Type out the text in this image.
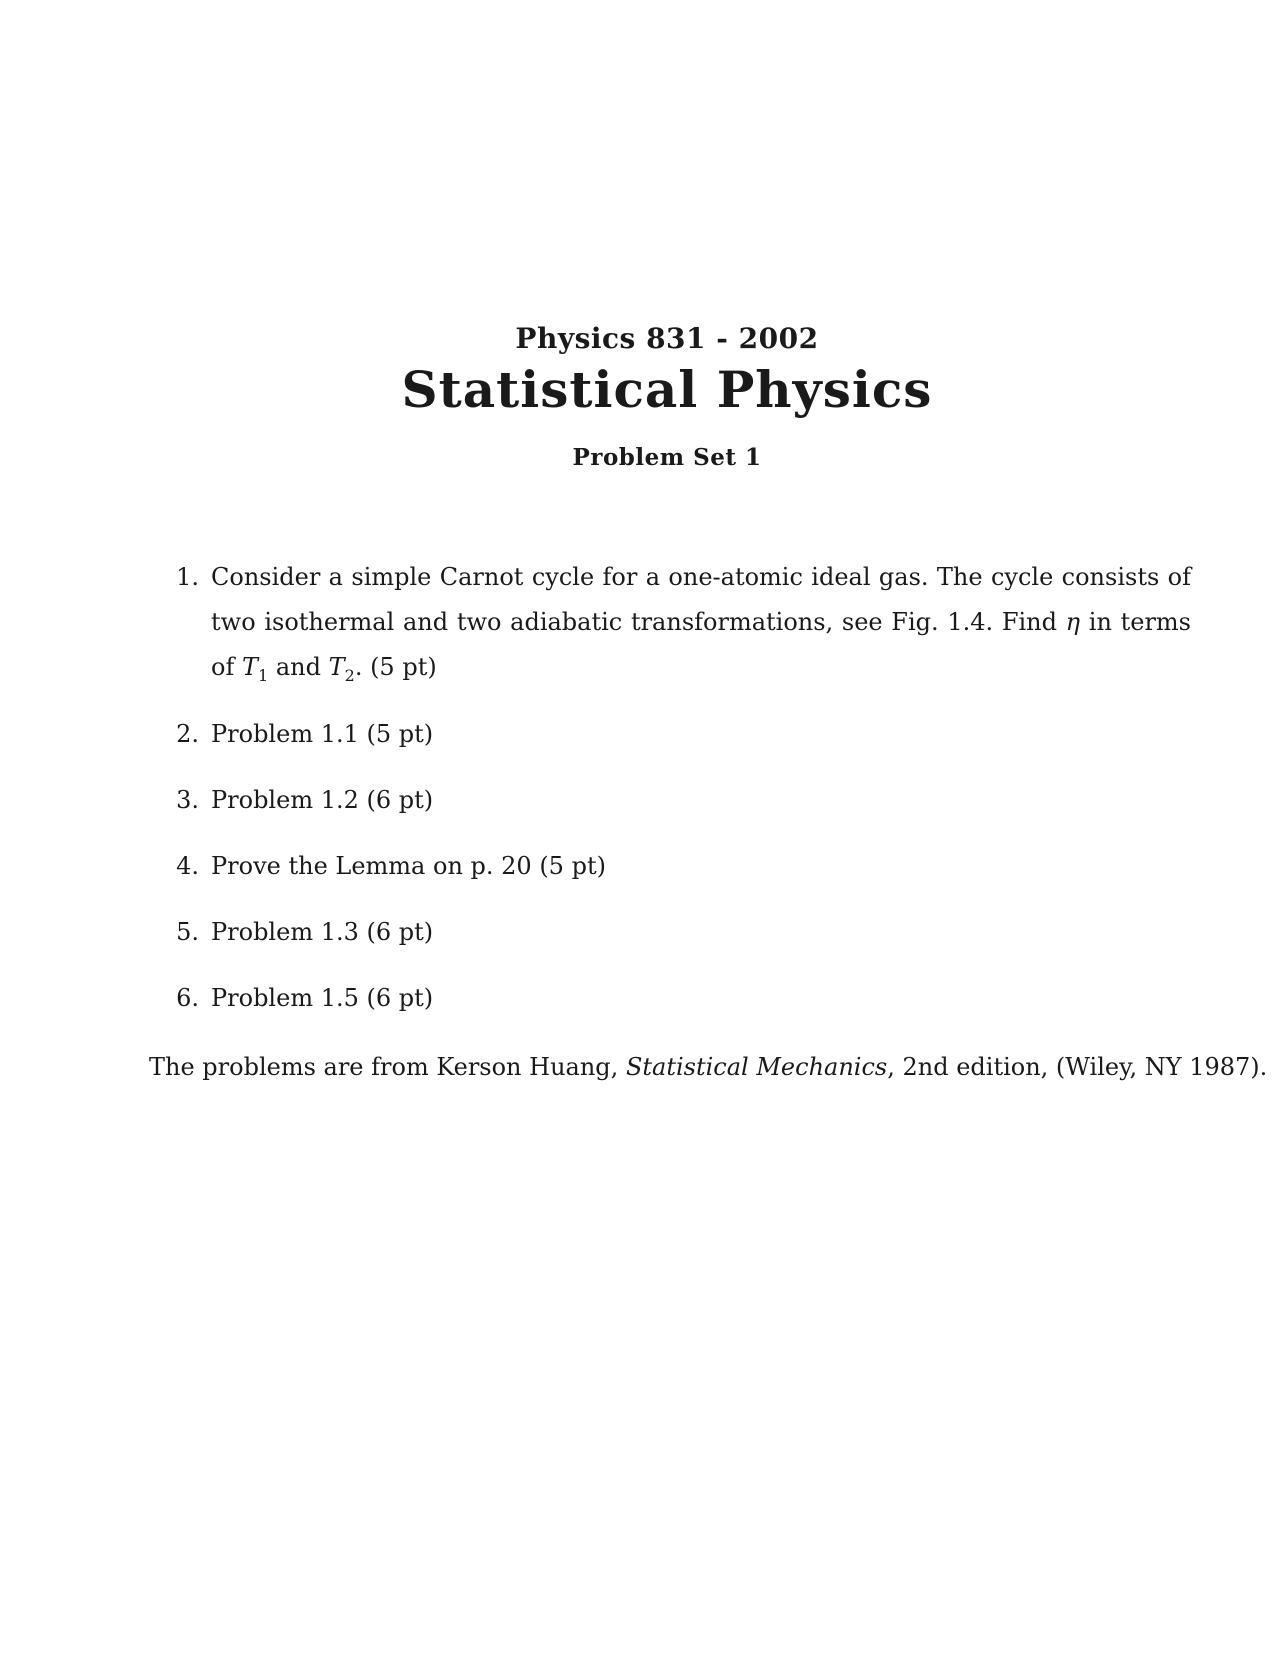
Physics 831 - 2002
Statistical Physics
Problem Set 1
1. Consider a simple Carnot cycle for a one-atomic ideal gas. The cycle consists of two isothermal and two adiabatic transformations, see Fig. 1.4. Find η in terms of $T_1$ and $T_2$. (5 pt)
2. Problem 1.1 (5 pt)
3. Problem 1.2 (6 pt)
4. Prove the Lemma on p. 20 (5 pt)
5. Problem 1.3 (6 pt)
6. Problem 1.5 (6 pt)
The problems are from Kerson Huang, Statistical Mechanics, 2nd edition, (Wiley, NY 1987).
